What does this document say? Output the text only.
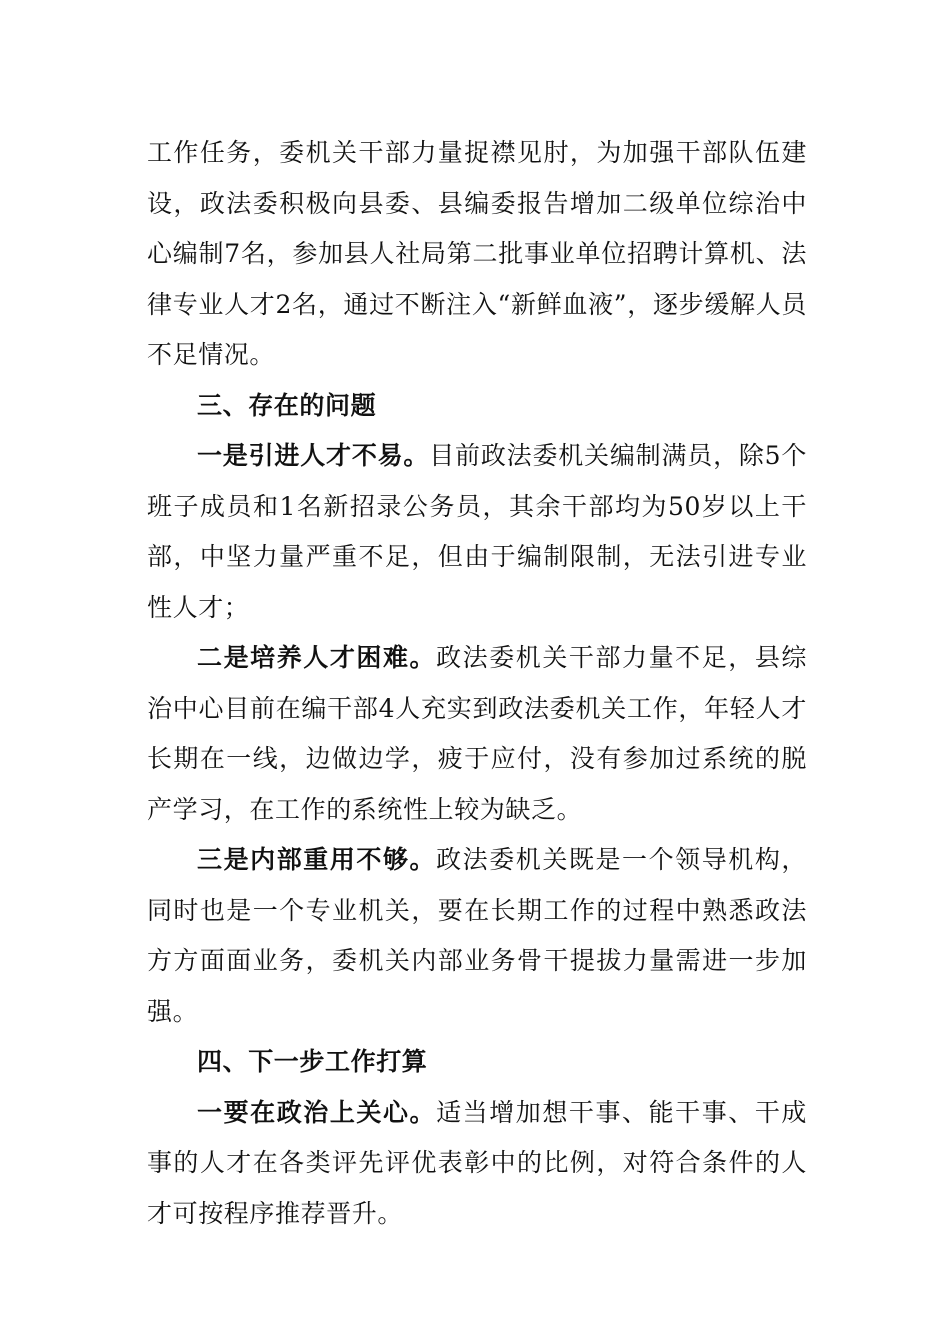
工作任务，委机关干部力量捉襟见肘，为加强干部队伍建设，政法委积极向县委、县编委报告增加二级单位综治中心编制7名，参加县人社局第二批事业单位招聘计算机、法律专业人才2名，通过不断注入“新鲜血液”，逐步缓解人员不足情况。

三、存在的问题

一是引进人才不易。目前政法委机关编制满员，除5个班子成员和1名新招录公务员，其余干部均为50岁以上干部，中坚力量严重不足，但由于编制限制，无法引进专业性人才；

二是培养人才困难。政法委机关干部力量不足，县综治中心目前在编干部4人充实到政法委机关工作，年轻人才长期在一线，边做边学，疲于应付，没有参加过系统的脱产学习，在工作的系统性上较为缺乏。

三是内部重用不够。政法委机关既是一个领导机构，同时也是一个专业机关，要在长期工作的过程中熟悉政法方方面面业务，委机关内部业务骨干提拔力量需进一步加强。

四、下一步工作打算

一要在政治上关心。适当增加想干事、能干事、干成事的人才在各类评先评优表彰中的比例，对符合条件的人才可按程序推荐晋升。
